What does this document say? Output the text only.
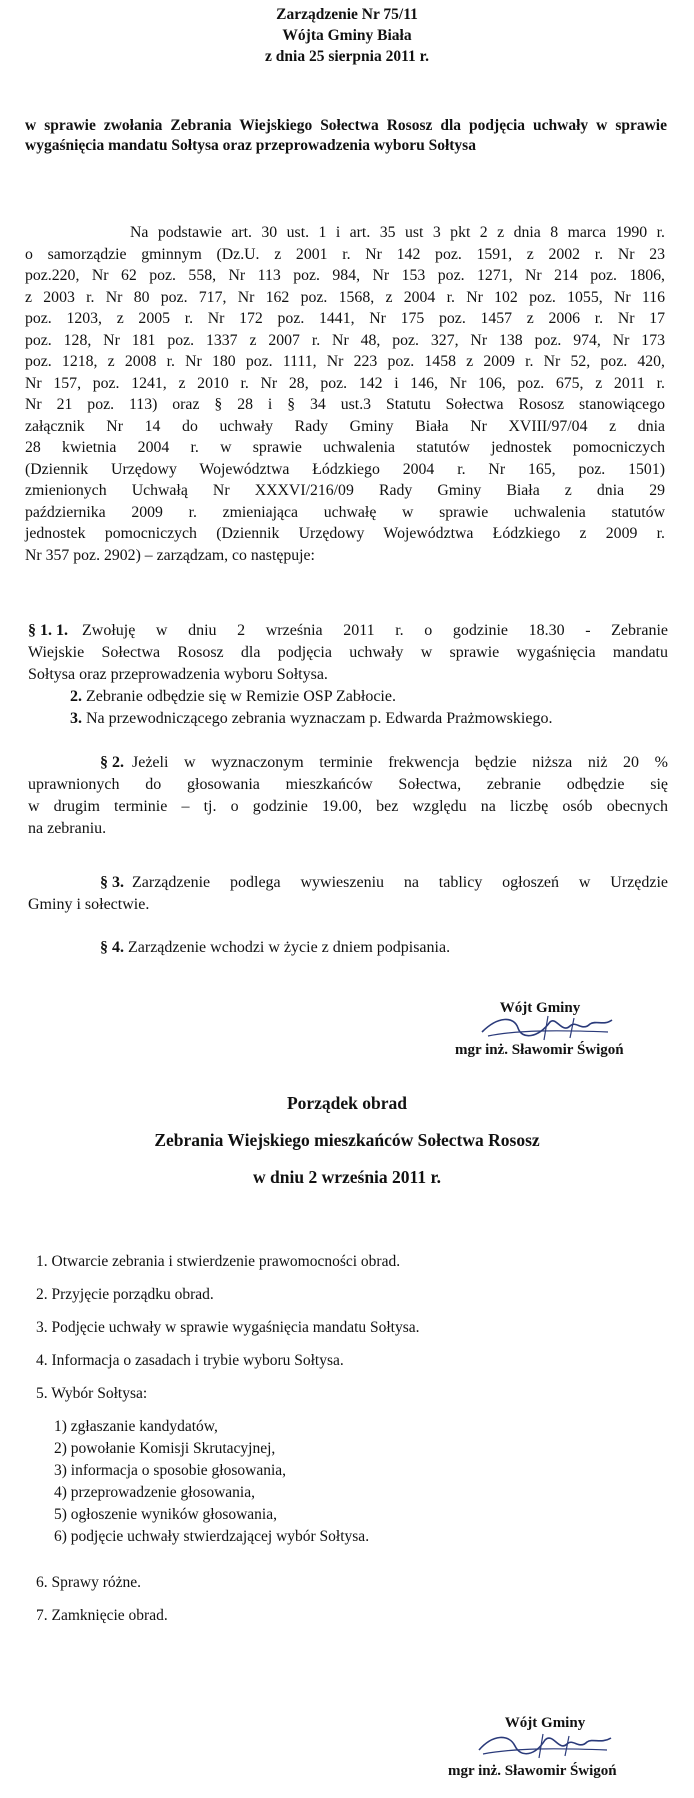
Zarządzenie Nr 75/11
Wójta Gminy Biała
z dnia 25 sierpnia 2011 r.
w sprawie zwołania Zebrania Wiejskiego Sołectwa Rososz dla podjęcia uchwały w sprawie wygaśnięcia mandatu Sołtysa oraz przeprowadzenia wyboru Sołtysa
Na podstawie art. 30 ust. 1 i art. 35 ust 3 pkt 2 z dnia 8 marca 1990 r.
o samorządzie gminnym (Dz.U. z 2001 r. Nr 142 poz. 1591, z 2002 r. Nr 23
poz.220, Nr 62 poz. 558, Nr 113 poz. 984, Nr 153 poz. 1271, Nr 214 poz. 1806,
z 2003 r. Nr 80 poz. 717, Nr 162 poz. 1568, z 2004 r. Nr 102 poz. 1055, Nr 116
poz. 1203, z 2005 r. Nr 172 poz. 1441, Nr 175 poz. 1457 z 2006 r. Nr 17
poz. 128, Nr 181 poz. 1337 z 2007 r. Nr 48, poz. 327, Nr 138 poz. 974, Nr 173
poz. 1218, z 2008 r. Nr 180 poz. 1111, Nr 223 poz. 1458 z 2009 r. Nr 52, poz. 420,
Nr 157, poz. 1241, z 2010 r. Nr 28, poz. 142 i 146, Nr 106, poz. 675, z 2011 r.
Nr 21 poz. 113) oraz § 28 i § 34 ust.3 Statutu Sołectwa Rososz stanowiącego
załącznik Nr 14 do uchwały Rady Gminy Biała Nr XVIII/97/04 z dnia
28 kwietnia 2004 r. w sprawie uchwalenia statutów jednostek pomocniczych
(Dziennik Urzędowy Województwa Łódzkiego 2004 r. Nr 165, poz. 1501)
zmienionych Uchwałą Nr XXXVI/216/09 Rady Gminy Biała z dnia 29
października 2009 r. zmieniająca uchwałę w sprawie uchwalenia statutów
jednostek pomocniczych (Dziennik Urzędowy Województwa Łódzkiego z 2009 r.
Nr 357 poz. 2902) – zarządzam, co następuje:
§ 1. 1. Zwołuję w dniu 2 września 2011 r. o godzinie 18.30 - Zebranie
Wiejskie Sołectwa Rososz dla podjęcia uchwały w sprawie wygaśnięcia mandatu
Sołtysa oraz przeprowadzenia wyboru Sołtysa.
2. Zebranie odbędzie się w Remizie OSP Zabłocie.
3. Na przewodniczącego zebrania wyznaczam p. Edwarda Prażmowskiego.
§ 2. Jeżeli w wyznaczonym terminie frekwencja będzie niższa niż 20 %
uprawnionych do głosowania mieszkańców Sołectwa, zebranie odbędzie się
w drugim terminie – tj. o godzinie 19.00, bez względu na liczbę osób obecnych
na zebraniu.
§ 3. Zarządzenie podlega wywieszeniu na tablicy ogłoszeń w Urzędzie
Gminy i sołectwie.
§ 4. Zarządzenie wchodzi w życie z dniem podpisania.
Wójt Gminy
mgr inż. Sławomir Świgoń
Porządek obrad
Zebrania Wiejskiego mieszkańców Sołectwa Rososz
w dniu 2 września 2011 r.
1. Otwarcie zebrania i stwierdzenie prawomocności obrad.
2. Przyjęcie porządku obrad.
3. Podjęcie uchwały w sprawie wygaśnięcia mandatu Sołtysa.
4. Informacja o zasadach i trybie wyboru Sołtysa.
5. Wybór Sołtysa:
1) zgłaszanie kandydatów,
2) powołanie Komisji Skrutacyjnej,
3) informacja o sposobie głosowania,
4) przeprowadzenie głosowania,
5) ogłoszenie wyników głosowania,
6) podjęcie uchwały stwierdzającej wybór Sołtysa.
6. Sprawy różne.
7. Zamknięcie obrad.
Wójt Gminy
mgr inż. Sławomir Świgoń
